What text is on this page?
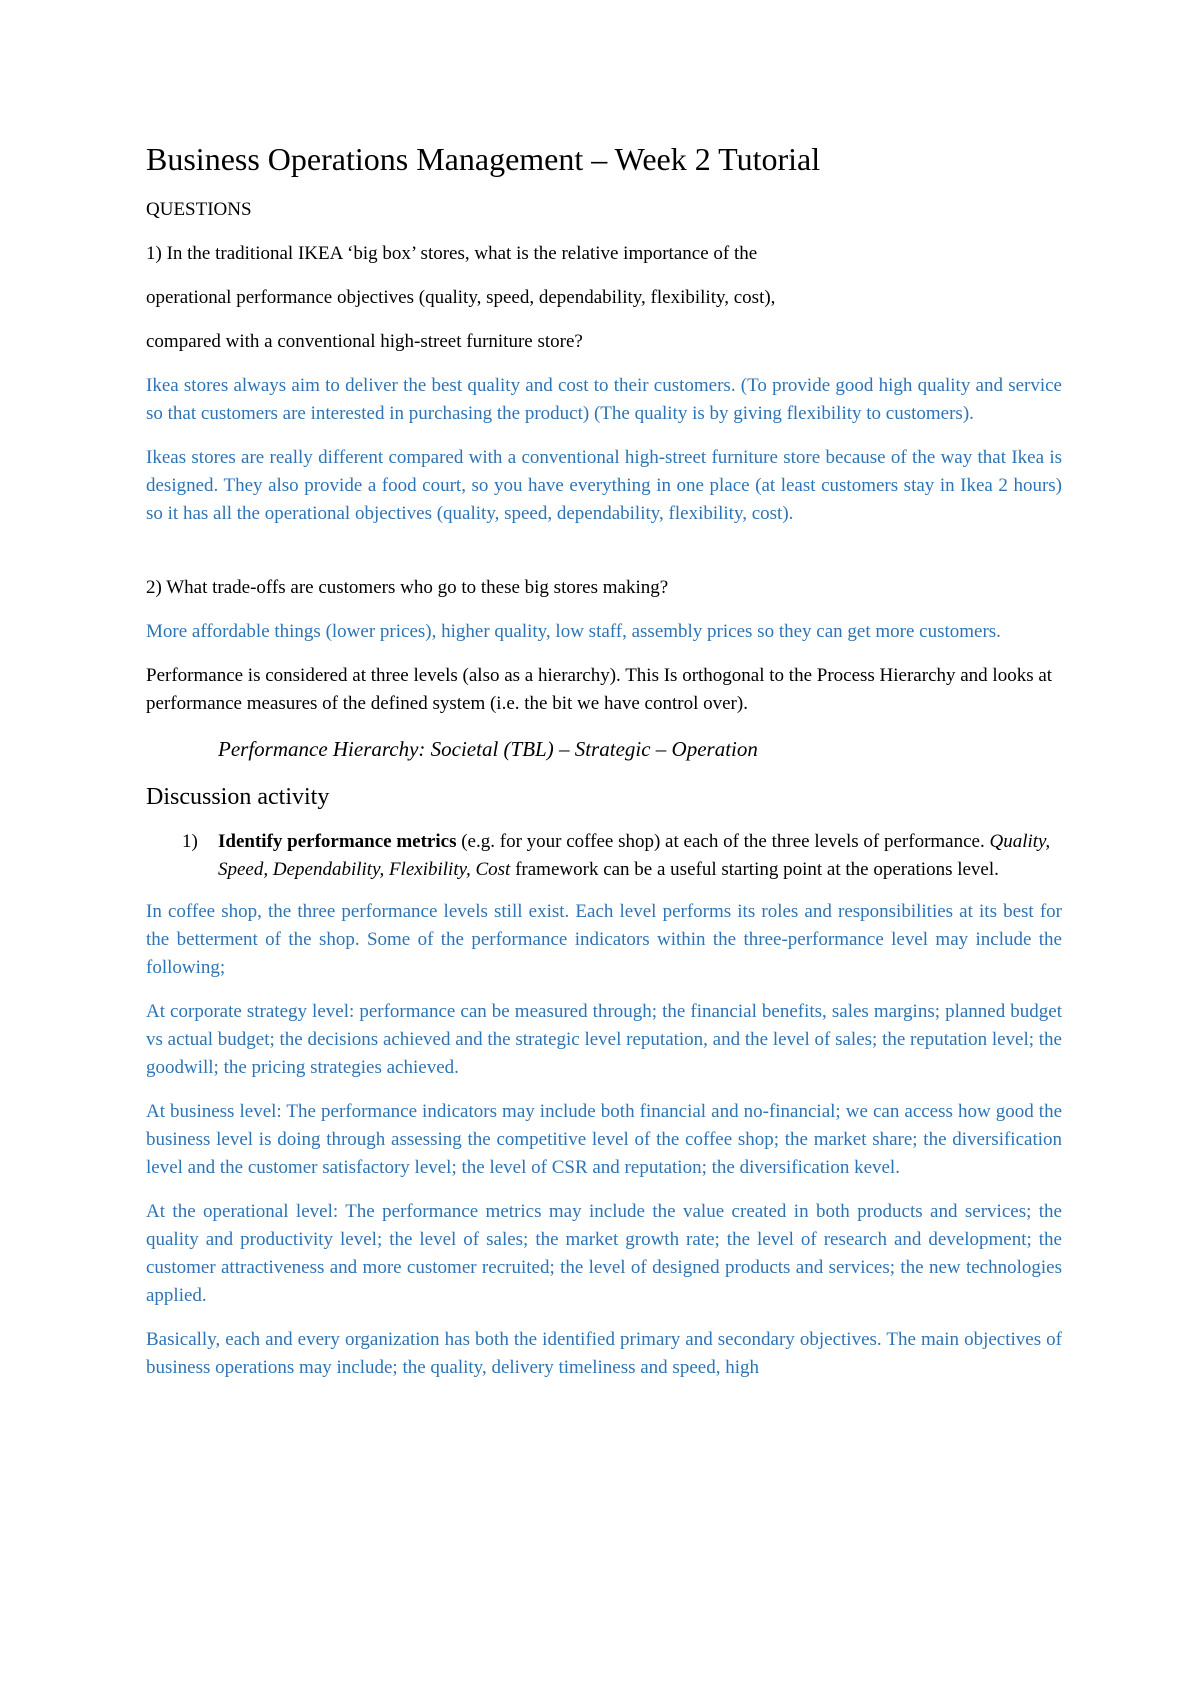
Business Operations Management – Week 2 Tutorial

QUESTIONS

1) In the traditional IKEA ‘big box’ stores, what is the relative importance of the

operational performance objectives (quality, speed, dependability, flexibility, cost),

compared with a conventional high-street furniture store?

Ikea stores always aim to deliver the best quality and cost to their customers. (To provide good high quality and service so that customers are interested in purchasing the product) (The quality is by giving flexibility to customers).

Ikeas stores are really different compared with a conventional high-street furniture store because of the way that Ikea is designed. They also provide a food court, so you have everything in one place (at least customers stay in Ikea 2 hours) so it has all the operational objectives (quality, speed, dependability, flexibility, cost).

2) What trade-offs are customers who go to these big stores making?

More affordable things (lower prices), higher quality, low staff, assembly prices so they can get more customers.

Performance is considered at three levels (also as a hierarchy). This Is orthogonal to the Process Hierarchy and looks at performance measures of the defined system (i.e. the bit we have control over).

Performance Hierarchy: Societal (TBL) – Strategic – Operation

Discussion activity
1)	Identify performance metrics (e.g. for your coffee shop) at each of the three levels of performance. Quality, Speed, Dependability, Flexibility, Cost framework can be a useful starting point at the operations level.

In coffee shop, the three performance levels still exist. Each level performs its roles and responsibilities at its best for the betterment of the shop. Some of the performance indicators within the three-performance level may include the following;

At corporate strategy level: performance can be measured through; the financial benefits, sales margins; planned budget vs actual budget; the decisions achieved and the strategic level reputation, and the level of sales; the reputation level; the goodwill; the pricing strategies achieved.

At business level: The performance indicators may include both financial and no-financial; we can access how good the business level is doing through assessing the competitive level of the coffee shop; the market share; the diversification level and the customer satisfactory level; the level of CSR and reputation; the diversification kevel.

At the operational level: The performance metrics may include the value created in both products and services; the quality and productivity level; the level of sales; the market growth rate; the level of research and development; the customer attractiveness and more customer recruited; the level of designed products and services; the new technologies applied.

Basically, each and every organization has both the identified primary and secondary objectives. The main objectives of business operations may include; the quality, delivery timeliness and speed, high
